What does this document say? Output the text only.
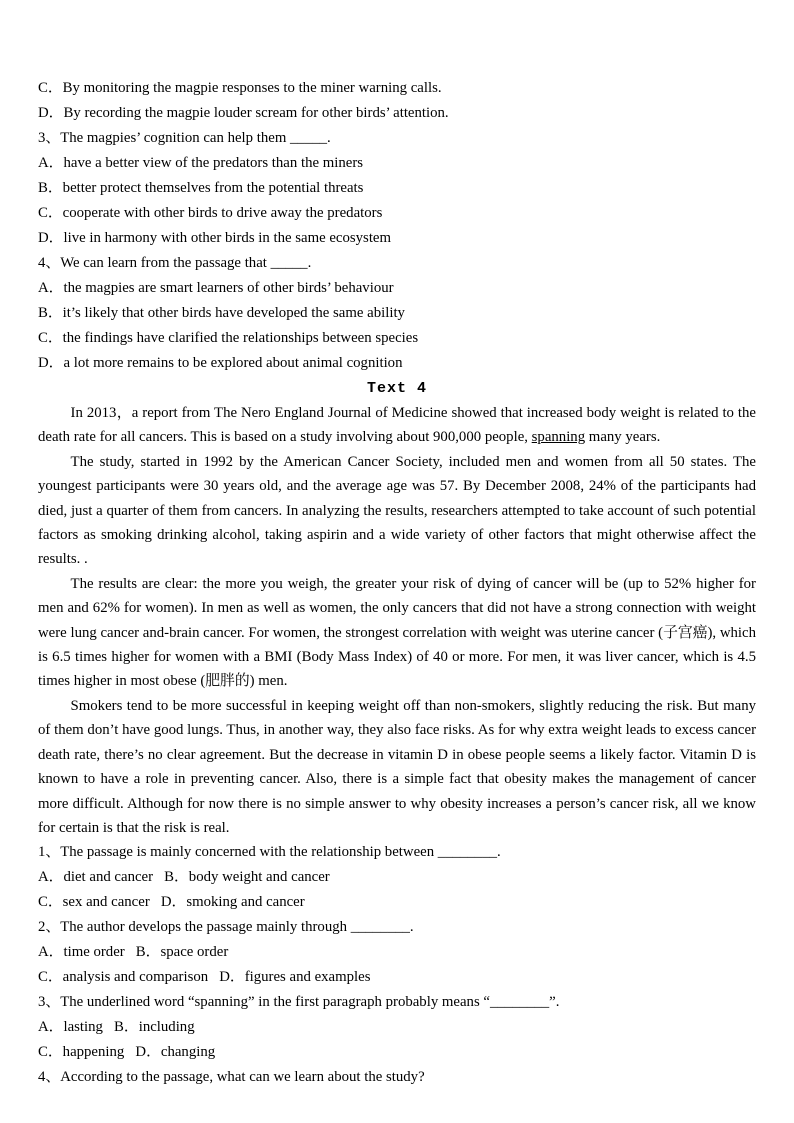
C．By monitoring the magpie responses to the miner warning calls.
D．By recording the magpie louder scream for other birds’ attention.
3、The magpies’ cognition can help them _____.
A．have a better view of the predators than the miners
B．better protect themselves from the potential threats
C．cooperate with other birds to drive away the predators
D．live in harmony with other birds in the same ecosystem
4、We can learn from the passage that _____.
A．the magpies are smart learners of other birds’ behaviour
B．it’s likely that other birds have developed the same ability
C．the findings have clarified the relationships between species
D．a lot more remains to be explored about animal cognition
Text 4

In 2013，a report from The Nero England Journal of Medicine showed that increased body weight is related to the death rate for all cancers. This is based on a study involving about 900,000 people, spanning many years.

The study, started in 1992 by the American Cancer Society, included men and women from all 50 states. The youngest participants were 30 years old, and the average age was 57. By December 2008, 24% of the participants had died, just a quarter of them from cancers. In analyzing the results, researchers attempted to take account of such potential factors as smoking drinking alcohol, taking aspirin and a wide variety of other factors that might otherwise affect the results. .

The results are clear: the more you weigh, the greater your risk of dying of cancer will be (up to 52% higher for men and 62% for women). In men as well as women, the only cancers that did not have a strong connection with weight were lung cancer and-brain cancer. For women, the strongest correlation with weight was uterine cancer (子宫癌), which is 6.5 times higher for women with a BMI (Body Mass Index) of 40 or more. For men, it was liver cancer, which is 4.5 times higher in most obese (肥胖的) men.

Smokers tend to be more successful in keeping weight off than non-smokers, slightly reducing the risk. But many of them don’t have good lungs. Thus, in another way, they also face risks. As for why extra weight leads to excess cancer death rate, there’s no clear agreement. But the decrease in vitamin D in obese people seems a likely factor. Vitamin D is known to have a role in preventing cancer. Also, there is a simple fact that obesity makes the management of cancer more difficult. Although for now there is no simple answer to why obesity increases a person’s cancer risk, all we know for certain is that the risk is real.

1、The passage is mainly concerned with the relationship between ________.
A．diet and cancer   B．body weight and cancer
C．sex and cancer   D．smoking and cancer
2、The author develops the passage mainly through ________.
A．time order   B．space order
C．analysis and comparison   D．figures and examples
3、The underlined word “spanning” in the first paragraph probably means “________”.
A．lasting   B．including
C．happening   D．changing
4、According to the passage, what can we learn about the study?
